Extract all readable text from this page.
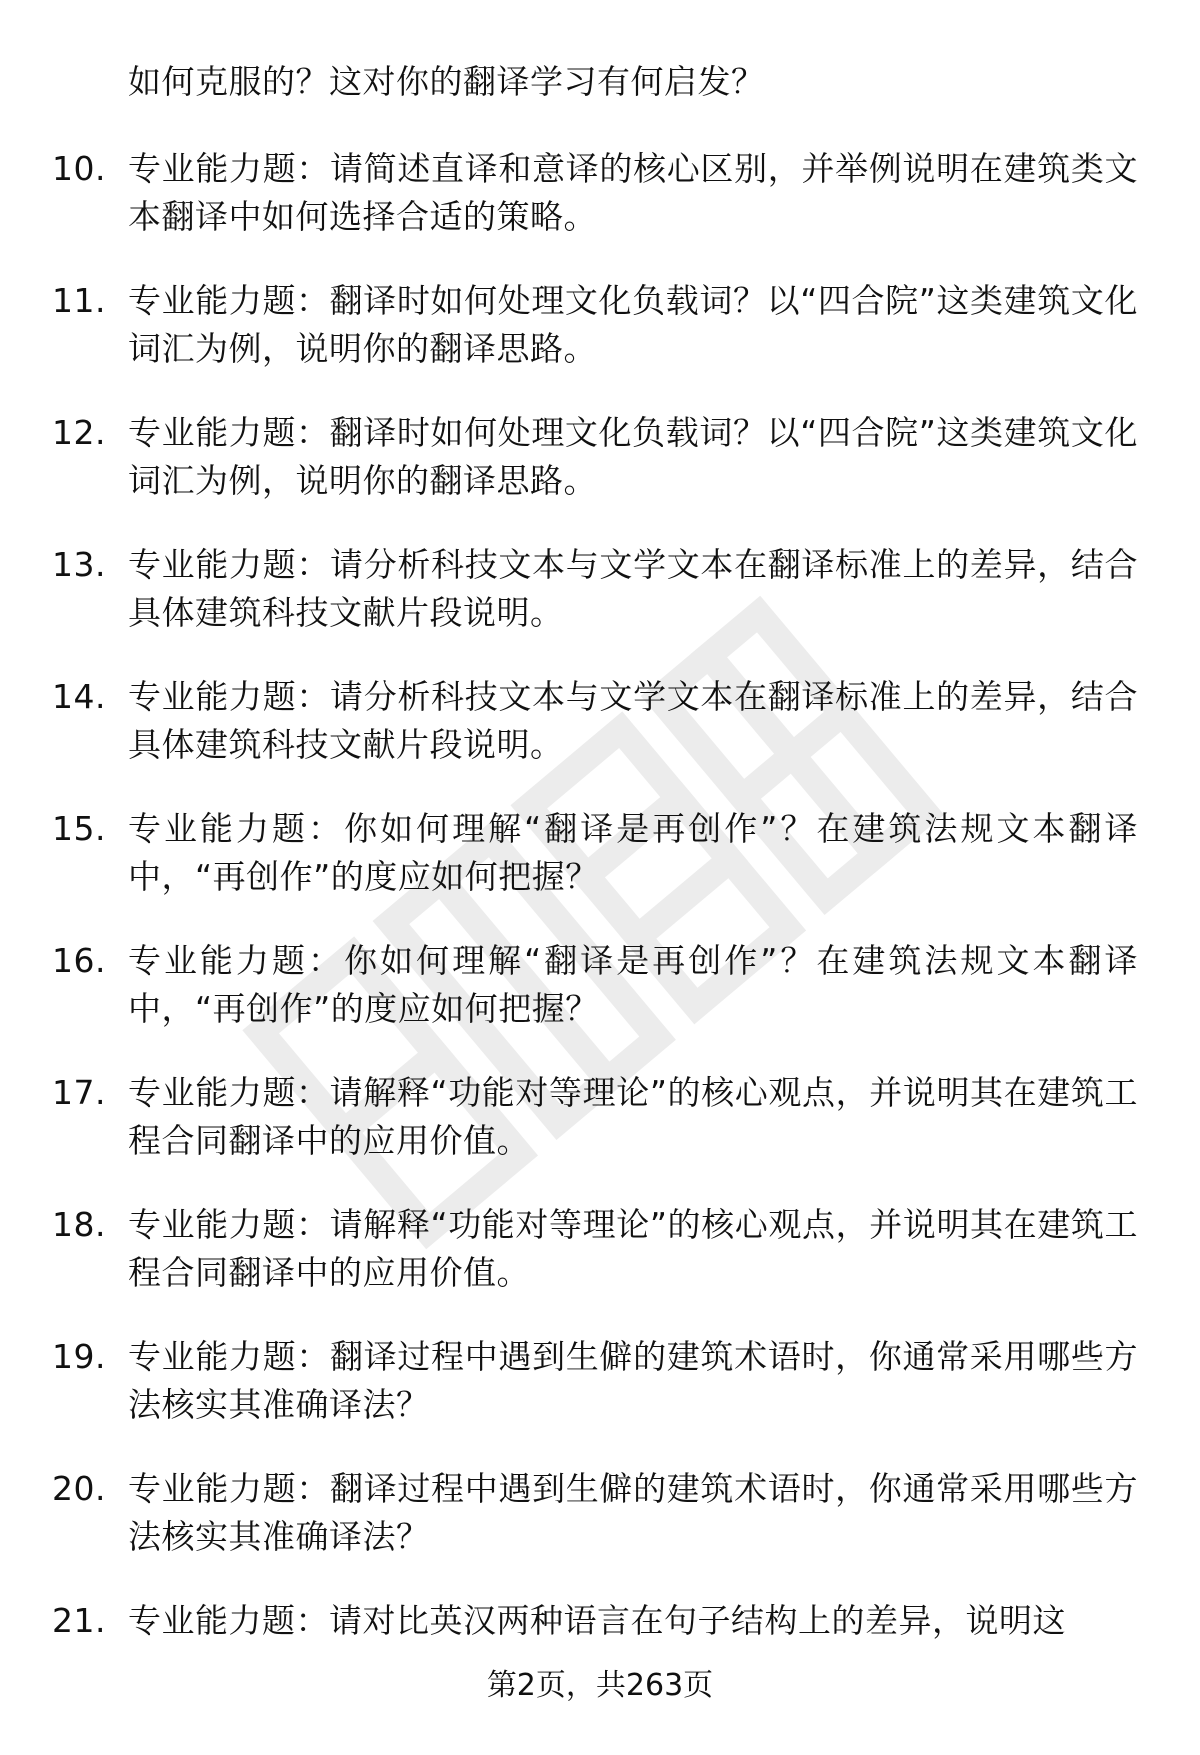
如何克服的？这对你的翻译学习有何启发？
10. 专业能力题：请简述直译和意译的核心区别，并举例说明在建筑类文本翻译中如何选择合适的策略。
11. 专业能力题：翻译时如何处理文化负载词？以“四合院”这类建筑文化词汇为例，说明你的翻译思路。
12. 专业能力题：翻译时如何处理文化负载词？以“四合院”这类建筑文化词汇为例，说明你的翻译思路。
13. 专业能力题：请分析科技文本与文学文本在翻译标准上的差异，结合具体建筑科技文献片段说明。
14. 专业能力题：请分析科技文本与文学文本在翻译标准上的差异，结合具体建筑科技文献片段说明。
15. 专业能力题：你如何理解“翻译是再创作”？在建筑法规文本翻译中，“再创作”的度应如何把握？
16. 专业能力题：你如何理解“翻译是再创作”？在建筑法规文本翻译中，“再创作”的度应如何把握？
17. 专业能力题：请解释“功能对等理论”的核心观点，并说明其在建筑工程合同翻译中的应用价值。
18. 专业能力题：请解释“功能对等理论”的核心观点，并说明其在建筑工程合同翻译中的应用价值。
19. 专业能力题：翻译过程中遇到生僻的建筑术语时，你通常采用哪些方法核实其准确译法？
20. 专业能力题：翻译过程中遇到生僻的建筑术语时，你通常采用哪些方法核实其准确译法？
21. 专业能力题：请对比英汉两种语言在句子结构上的差异，说明这
第2页，共263页
